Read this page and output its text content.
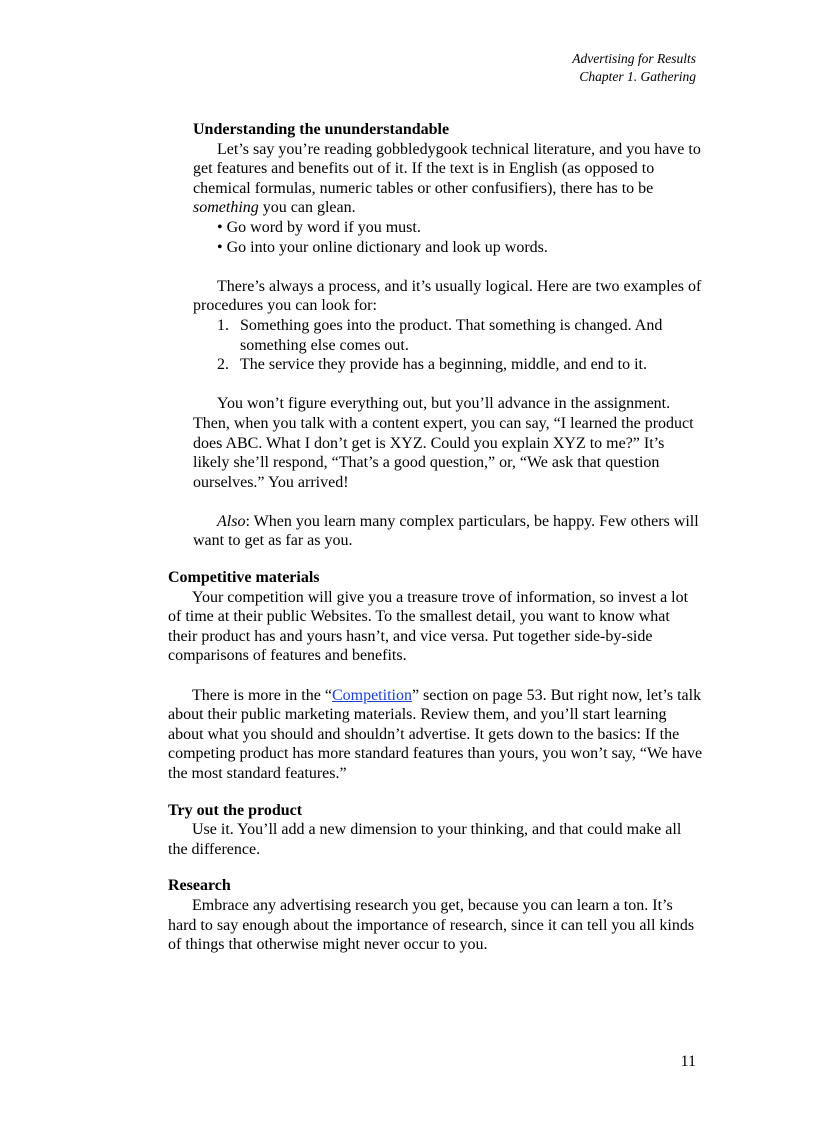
Advertising for Results
Chapter 1. Gathering

Understanding the ununderstandable

Let’s say you’re reading gobbledygook technical literature, and you have to get features and benefits out of it. If the text is in English (as opposed to chemical formulas, numeric tables or other confusifiers), there has to be something you can glean.

• Go word by word if you must.
• Go into your online dictionary and look up words.

There’s always a process, and it’s usually logical. Here are two examples of procedures you can look for:

1. Something goes into the product. That something is changed. And something else comes out.
2. The service they provide has a beginning, middle, and end to it.

You won’t figure everything out, but you’ll advance in the assignment. Then, when you talk with a content expert, you can say, “I learned the product does ABC. What I don’t get is XYZ. Could you explain XYZ to me?” It’s likely she’ll respond, “That’s a good question,” or, “We ask that question ourselves.” You arrived!

Also: When you learn many complex particulars, be happy. Few others will want to get as far as you.

Competitive materials

Your competition will give you a treasure trove of information, so invest a lot of time at their public Websites. To the smallest detail, you want to know what their product has and yours hasn’t, and vice versa. Put together side-by-side comparisons of features and benefits.

There is more in the “Competition” section on page 53. But right now, let’s talk about their public marketing materials. Review them, and you’ll start learning about what you should and shouldn’t advertise. It gets down to the basics: If the competing product has more standard features than yours, you won’t say, “We have the most standard features.”

Try out the product

Use it. You’ll add a new dimension to your thinking, and that could make all the difference.

Research

Embrace any advertising research you get, because you can learn a ton. It’s hard to say enough about the importance of research, since it can tell you all kinds of things that otherwise might never occur to you.

11
